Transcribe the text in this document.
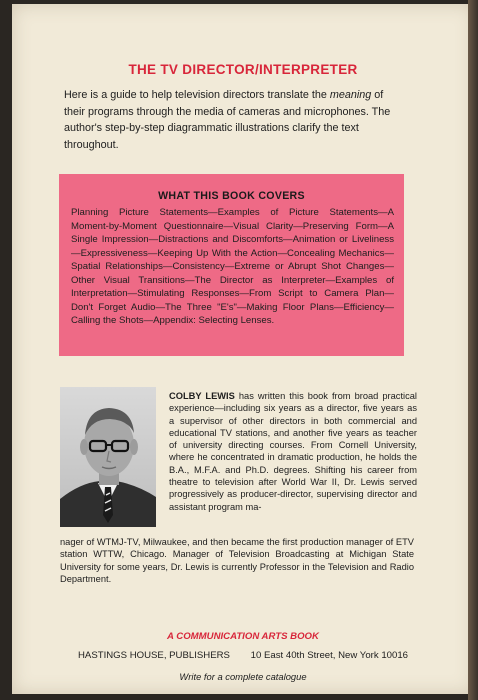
THE TV DIRECTOR/INTERPRETER

Here is a guide to help television directors translate the meaning of their programs through the media of cameras and microphones. The author's step-by-step diagrammatic illustrations clarify the text throughout.

WHAT THIS BOOK COVERS

Planning Picture Statements—Examples of Picture Statements—A Moment-by-Moment Questionnaire—Visual Clarity—Preserving Form—A Single Impression—Distractions and Discomforts—Animation or Liveliness—Expressiveness—Keeping Up With the Action—Concealing Mechanics—Spatial Relationships—Consistency—Extreme or Abrupt Shot Changes—Other Visual Transitions—The Director as Interpreter—Examples of Interpretation—Stimulating Responses—From Script to Camera Plan—Don't Forget Audio—The Three "E's"—Making Floor Plans—Efficiency—Calling the Shots—Appendix: Selecting Lenses.

COLBY LEWIS has written this book from broad practical experience—including six years as a director, five years as a supervisor of other directors in both commercial and educational TV stations, and another five years as teacher of university directing courses. From Cornell University, where he concentrated in dramatic production, he holds the B.A., M.F.A. and Ph.D. degrees. Shifting his career from theatre to television after World War II, Dr. Lewis served progressively as producer-director, supervising director and assistant program ma-

nager of WTMJ-TV, Milwaukee, and then became the first production manager of ETV station WTTW, Chicago. Manager of Television Broadcasting at Michigan State University for some years, Dr. Lewis is currently Professor in the Television and Radio Department.

A COMMUNICATION ARTS BOOK

HASTINGS HOUSE, PUBLISHERS 10 East 40th Street, New York 10016

Write for a complete catalogue
